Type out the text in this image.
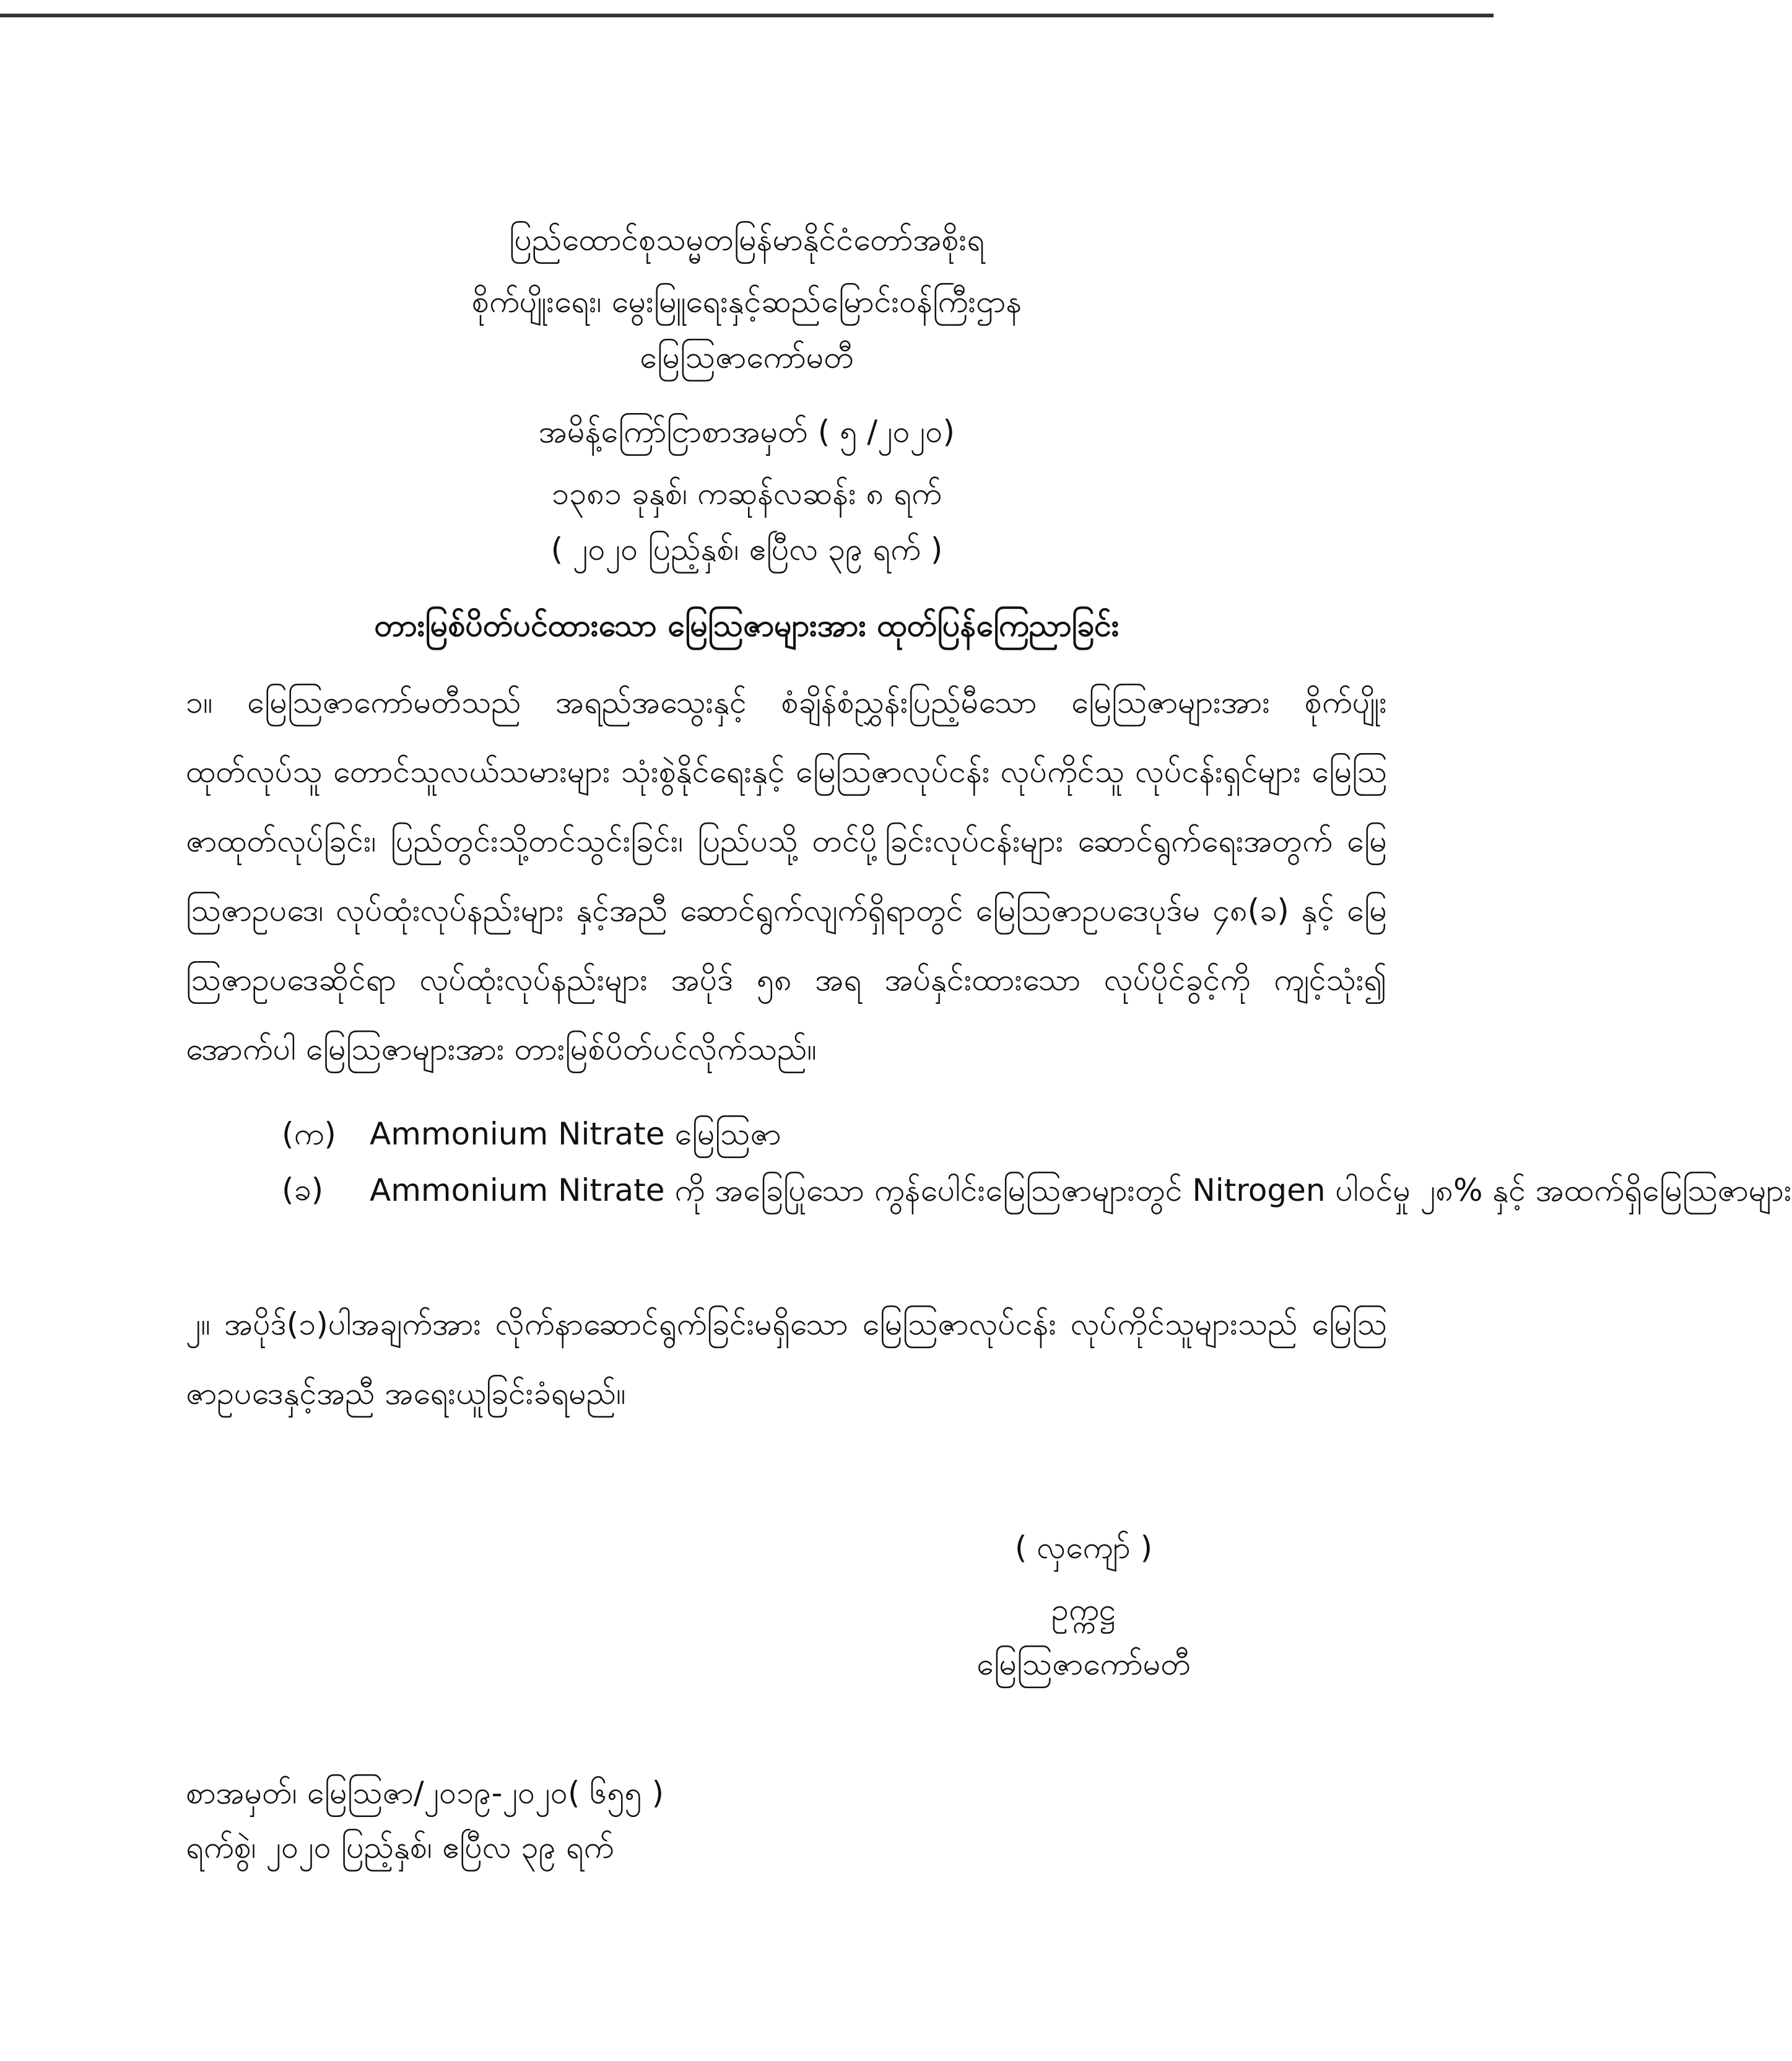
ပြည်ထောင်စုသမ္မတမြန်မာနိုင်ငံတော်အစိုးရ
စိုက်ပျိုးရေး၊ မွေးမြူရေးနှင့်ဆည်မြောင်းဝန်ကြီးဌာန
မြေသြဇာကော်မတီ
အမိန့်ကြော်ငြာစာအမှတ် ( ၅ /၂၀၂၀)
၁၃၈၁ ခုနှစ်၊ ကဆုန်လဆန်း ၈ ရက်
( ၂၀၂၀ ပြည့်နှစ်၊ ဧပြီလ ၃၉ ရက် )
တားမြစ်ပိတ်ပင်ထားသော မြေသြဇာများအား ထုတ်ပြန်ကြေညာခြင်း
၁။ မြေသြဇာကော်မတီသည် အရည်အသွေးနှင့် စံချိန်စံညွှန်းပြည့်မီသော မြေသြဇာများအား စိုက်ပျိုးထုတ်လုပ်သူ တောင်သူလယ်သမားများ သုံးစွဲနိုင်ရေးနှင့် မြေသြဇာလုပ်ငန်း လုပ်ကိုင်သူ လုပ်ငန်းရှင်များ မြေသြဇာထုတ်လုပ်ခြင်း၊ ပြည်တွင်းသို့တင်သွင်းခြင်း၊ ပြည်ပသို့ တင်ပို့ခြင်းလုပ်ငန်းများ ဆောင်ရွက်ရေးအတွက် မြေသြဇာဥပဒေ၊ လုပ်ထုံးလုပ်နည်းများ နှင့်အညီ ဆောင်ရွက်လျက်ရှိရာတွင် မြေသြဇာဥပဒေပုဒ်မ ၄၈(ခ) နှင့် မြေသြဇာဥပဒေဆိုင်ရာ လုပ်ထုံးလုပ်နည်းများ အပိုဒ် ၅၈ အရ အပ်နှင်းထားသော လုပ်ပိုင်ခွင့်ကို ကျင့်သုံး၍ အောက်ပါ မြေသြဇာများအား တားမြစ်ပိတ်ပင်လိုက်သည်။
(က) Ammonium Nitrate မြေသြဇာ
(ခ) Ammonium Nitrate ကို အခြေပြုသော ကွန်ပေါင်းမြေသြဇာများတွင် Nitrogen ပါဝင်မှု ၂၈% နှင့် အထက်ရှိမြေသြဇာများ
၂။ အပိုဒ်(၁)ပါအချက်အား လိုက်နာဆောင်ရွက်ခြင်းမရှိသော မြေသြဇာလုပ်ငန်း လုပ်ကိုင်သူများသည် မြေသြဇာဥပဒေနှင့်အညီ အရေးယူခြင်းခံရမည်။
( လှကျော် )
ဥက္ကဋ္ဌ
မြေသြဇာကော်မတီ
စာအမှတ်၊ မြေသြဇာ/၂၀၁၉-၂၀၂၀( ၆၅၅ )
ရက်စွဲ၊ ၂၀၂၀ ပြည့်နှစ်၊ ဧပြီလ ၃၉ ရက်
